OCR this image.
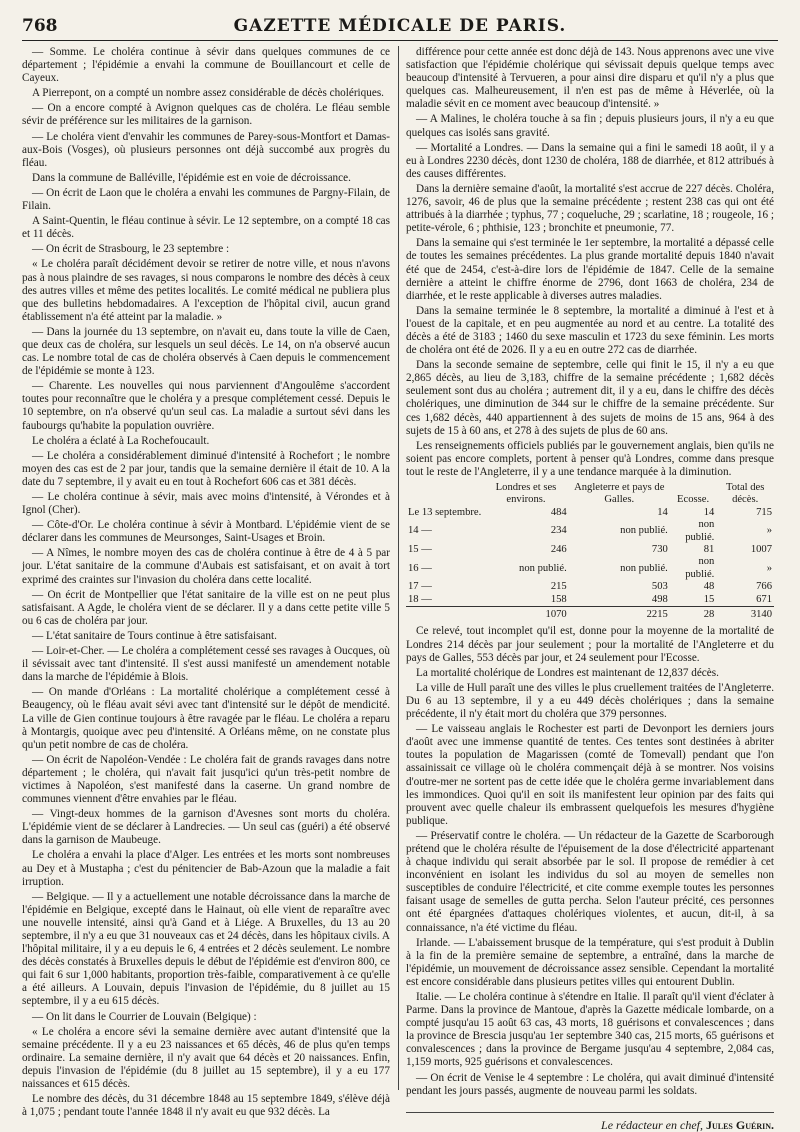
768	GAZETTE MÉDICALE DE PARIS.

— Somme. Le choléra continue à sévir dans quelques communes de ce département ; l'épidémie a envahi la commune de Bouillancourt et celle de Cayeux.

A Pierrepont, on a compté un nombre assez considérable de décès cholériques.

— On a encore compté à Avignon quelques cas de choléra. Le fléau semble sévir de préférence sur les militaires de la garnison.

— Le choléra vient d'envahir les communes de Parey-sous-Montfort et Damas-aux-Bois (Vosges), où plusieurs personnes ont déjà succombé aux progrès du fléau.

Dans la commune de Balléville, l'épidémie est en voie de décroissance.

— On écrit de Laon que le choléra a envahi les communes de Pargny-Filain, de Filain.

A Saint-Quentin, le fléau continue à sévir. Le 12 septembre, on a compté 18 cas et 11 décès.

— On écrit de Strasbourg, le 23 septembre :

« Le choléra paraît décidément devoir se retirer de notre ville, et nous n'avons pas à nous plaindre de ses ravages, si nous comparons le nombre des décès à ceux des autres villes et même des petites localités. Le comité médical ne publiera plus que des bulletins hebdomadaires. A l'exception de l'hôpital civil, aucun grand établissement n'a été atteint par la maladie. »

— Dans la journée du 13 septembre, on n'avait eu, dans toute la ville de Caen, que deux cas de choléra, sur lesquels un seul décès. Le 14, on n'a observé aucun cas. Le nombre total de cas de choléra observés à Caen depuis le commencement de l'épidémie se monte à 123.

— Charente. Les nouvelles qui nous parviennent d'Angoulême s'accordent toutes pour reconnaître que le choléra y a presque complétement cessé. Depuis le 10 septembre, on n'a observé qu'un seul cas. La maladie a surtout sévi dans les faubourgs qu'habite la population ouvrière.

Le choléra a éclaté à La Rochefoucault.

— Le choléra a considérablement diminué d'intensité à Rochefort ; le nombre moyen des cas est de 2 par jour, tandis que la semaine dernière il était de 10. A la date du 7 septembre, il y avait eu en tout à Rochefort 606 cas et 381 décès.

— Le choléra continue à sévir, mais avec moins d'intensité, à Vérondes et à Ignol (Cher).

— Côte-d'Or. Le choléra continue à sévir à Montbard. L'épidémie vient de se déclarer dans les communes de Meursonges, Saint-Usages et Broin.

— A Nîmes, le nombre moyen des cas de choléra continue à être de 4 à 5 par jour. L'état sanitaire de la commune d'Aubais est satisfaisant, et on avait à tort exprimé des craintes sur l'invasion du choléra dans cette localité.

— On écrit de Montpellier que l'état sanitaire de la ville est on ne peut plus satisfaisant. A Agde, le choléra vient de se déclarer. Il y a dans cette petite ville 5 ou 6 cas de choléra par jour.

— L'état sanitaire de Tours continue à être satisfaisant.

— Loir-et-Cher. — Le choléra a complétement cessé ses ravages à Oucques, où il sévissait avec tant d'intensité. Il s'est aussi manifesté un amendement notable dans la marche de l'épidémie à Blois.

— On mande d'Orléans : La mortalité cholérique a complétement cessé à Beaugency, où le fléau avait sévi avec tant d'intensité sur le dépôt de mendicité. La ville de Gien continue toujours à être ravagée par le fléau. Le choléra a reparu à Montargis, quoique avec peu d'intensité. A Orléans même, on ne constate plus qu'un petit nombre de cas de choléra.

— On écrit de Napoléon-Vendée : Le choléra fait de grands ravages dans notre département ; le choléra, qui n'avait fait jusqu'ici qu'un très-petit nombre de victimes à Napoléon, s'est manifesté dans la caserne. Un grand nombre de communes viennent d'être envahies par le fléau.

— Vingt-deux hommes de la garnison d'Avesnes sont morts du choléra. L'épidémie vient de se déclarer à Landrecies. — Un seul cas (guéri) a été observé dans la garnison de Maubeuge.

Le choléra a envahi la place d'Alger. Les entrées et les morts sont nombreuses au Dey et à Mustapha ; c'est du pénitencier de Bab-Azoun que la maladie a fait irruption.

— Belgique. — Il y a actuellement une notable décroissance dans la marche de l'épidémie en Belgique, excepté dans le Hainaut, où elle vient de reparaître avec une nouvelle intensité, ainsi qu'à Gand et à Liége. A Bruxelles, du 13 au 20 septembre, il n'y a eu que 31 nouveaux cas et 24 décès, dans les hôpitaux civils. A l'hôpital militaire, il y a eu depuis le 6, 4 entrées et 2 décès seulement. Le nombre des décès constatés à Bruxelles depuis le début de l'épidémie est d'environ 800, ce qui fait 6 sur 1,000 habitants, proportion très-faible, comparativement à ce qu'elle a été ailleurs. A Louvain, depuis l'invasion de l'épidémie, du 8 juillet au 15 septembre, il y a eu 615 décès.

— On lit dans le Courrier de Louvain (Belgique) :

« Le choléra a encore sévi la semaine dernière avec autant d'intensité que la semaine précédente. Il y a eu 23 naissances et 65 décès, 46 de plus qu'en temps ordinaire. La semaine dernière, il n'y avait que 64 décès et 20 naissances. Enfin, depuis l'invasion de l'épidémie (du 8 juillet au 15 septembre), il y a eu 177 naissances et 615 décès.

Le nombre des décès, du 31 décembre 1848 au 15 septembre 1849, s'élève déjà à 1,075 ; pendant toute l'année 1848 il n'y avait eu que 932 décès. La

différence pour cette année est donc déjà de 143. Nous apprenons avec une vive satisfaction que l'épidémie cholérique qui sévissait depuis quelque temps avec beaucoup d'intensité à Tervueren, a pour ainsi dire disparu et qu'il n'y a plus que quelques cas. Malheureusement, il n'en est pas de même à Héverlée, où la maladie sévit en ce moment avec beaucoup d'intensité. »

— A Malines, le choléra touche à sa fin ; depuis plusieurs jours, il n'y a eu que quelques cas isolés sans gravité.

— Mortalité a Londres. — Dans la semaine qui a fini le samedi 18 août, il y a eu à Londres 2230 décès, dont 1230 de choléra, 188 de diarrhée, et 812 attribués à des causes différentes.

Dans la dernière semaine d'août, la mortalité s'est accrue de 227 décès. Choléra, 1276, savoir, 46 de plus que la semaine précédente ; restent 238 cas qui ont été attribués à la diarrhée ; typhus, 77 ; coqueluche, 29 ; scarlatine, 18 ; rougeole, 16 ; petite-vérole, 6 ; phthisie, 123 ; bronchite et pneumonie, 77.

Dans la semaine qui s'est terminée le 1er septembre, la mortalité a dépassé celle de toutes les semaines précédentes. La plus grande mortalité depuis 1840 n'avait été que de 2454, c'est-à-dire lors de l'épidémie de 1847. Celle de la semaine dernière a atteint le chiffre énorme de 2796, dont 1663 de choléra, 234 de diarrhée, et le reste applicable à diverses autres maladies.

Dans la semaine terminée le 8 septembre, la mortalité a diminué à l'est et à l'ouest de la capitale, et en peu augmentée au nord et au centre. La totalité des décès a été de 3183 ; 1460 du sexe masculin et 1723 du sexe féminin. Les morts de choléra ont été de 2026. Il y a eu en outre 272 cas de diarrhée.

Dans la seconde semaine de septembre, celle qui finit le 15, il n'y a eu que 2,865 décès, au lieu de 3,183, chiffre de la semaine précédente ; 1,682 décès seulement sont dus au choléra ; autrement dit, il y a eu, dans le chiffre des décès cholériques, une diminution de 344 sur le chiffre de la semaine précédente. Sur ces 1,682 décès, 440 appartiennent à des sujets de moins de 15 ans, 964 à des sujets de 15 à 60 ans, et 278 à des sujets de plus de 60 ans.

Les renseignements officiels publiés par le gouvernement anglais, bien qu'ils ne soient pas encore complets, portent à penser qu'à Londres, comme dans presque tout le reste de l'Angleterre, il y a une tendance marquée à la diminution.

	Londres et ses environs.	Angleterre et pays de Galles.	Ecosse.	Total des décès.
Le 13 septembre.	484	14	14	715
14 —	234	non publié.	non publié.	»
15 —	246	730	81	1007
16 —	non publié.	non publié.	non publié.	»
17 —	215	503	48	766
18 —	158	498	15	671
	1070	2215	28	3140

Ce relevé, tout incomplet qu'il est, donne pour la moyenne de la mortalité de Londres 214 décès par jour seulement ; pour la mortalité de l'Angleterre et du pays de Galles, 553 décès par jour, et 24 seulement pour l'Ecosse.

La mortalité cholérique de Londres est maintenant de 12,837 décès.

La ville de Hull paraît une des villes le plus cruellement traitées de l'Angleterre. Du 6 au 13 septembre, il y a eu 449 décès cholériques ; dans la semaine précédente, il n'y était mort du choléra que 379 personnes.

— Le vaisseau anglais le Rochester est parti de Devonport les derniers jours d'août avec une immense quantité de tentes. Ces tentes sont destinées à abriter toutes la population de Magarissen (comté de Tomevall) pendant que l'on assainissait ce village où le choléra commençait déjà à se montrer. Nos voisins d'outre-mer ne sortent pas de cette idée que le choléra germe invariablement dans les immondices. Quoi qu'il en soit ils manifestent leur opinion par des faits qui prouvent avec quelle chaleur ils embrassent quelquefois les mesures d'hygiène publique.

— Préservatif contre le choléra. — Un rédacteur de la Gazette de Scarborough prétend que le choléra résulte de l'épuisement de la dose d'électricité appartenant à chaque individu qui serait absorbée par le sol. Il propose de remédier à cet inconvénient en isolant les individus du sol au moyen de semelles non susceptibles de conduire l'électricité, et cite comme exemple toutes les personnes faisant usage de semelles de gutta percha. Selon l'auteur précité, ces personnes ont été épargnées d'attaques cholériques violentes, et aucun, dit-il, à sa connaissance, n'a été victime du fléau.

Irlande. — L'abaissement brusque de la température, qui s'est produit à Dublin à la fin de la première semaine de septembre, a entraîné, dans la marche de l'épidémie, un mouvement de décroissance assez sensible. Cependant la mortalité est encore considérable dans plusieurs petites villes qui entourent Dublin.

Italie. — Le choléra continue à s'étendre en Italie. Il paraît qu'il vient d'éclater à Parme. Dans la province de Mantoue, d'après la Gazette médicale lombarde, on a compté jusqu'au 15 août 63 cas, 43 morts, 18 guérisons et convalescences ; dans la province de Brescia jusqu'au 1er septembre 340 cas, 215 morts, 65 guérisons et convalescences ; dans la province de Bergame jusqu'au 4 septembre, 2,084 cas, 1,159 morts, 925 guérisons et convalescences.

— On écrit de Venise le 4 septembre : Le choléra, qui avait diminué d'intensité pendant les jours passés, augmente de nouveau parmi les soldats.

Le rédacteur en chef, Jules Guérin.
